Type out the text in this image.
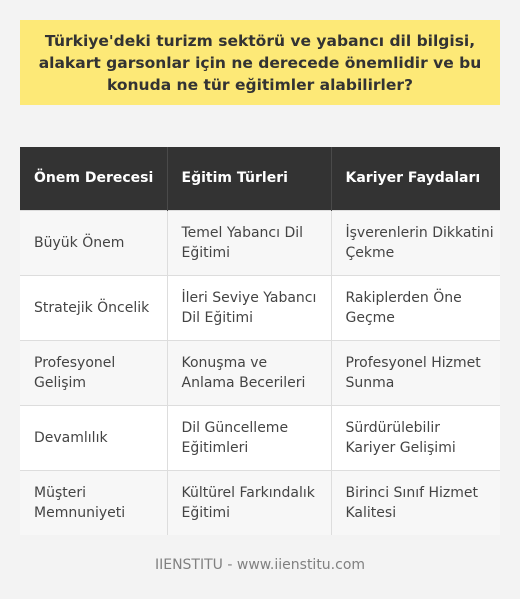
Türkiye'deki turizm sektörü ve yabancı dil bilgisi, alakart garsonlar için ne derecede önemlidir ve bu konuda ne tür eğitimler alabilirler?
Önem Derecesi	Eğitim Türleri	Kariyer Faydaları
Büyük Önem	Temel Yabancı Dil Eğitimi	İşverenlerin Dikkatini Çekme
Stratejik Öncelik	İleri Seviye Yabancı Dil Eğitimi	Rakiplerden Öne Geçme
Profesyonel Gelişim	Konuşma ve Anlama Becerileri	Profesyonel Hizmet Sunma
Devamlılık	Dil Güncelleme Eğitimleri	Sürdürülebilir Kariyer Gelişimi
Müşteri Memnuniyeti	Kültürel Farkındalık Eğitimi	Birinci Sınıf Hizmet Kalitesi
IIENSTITU - www.iienstitu.com
